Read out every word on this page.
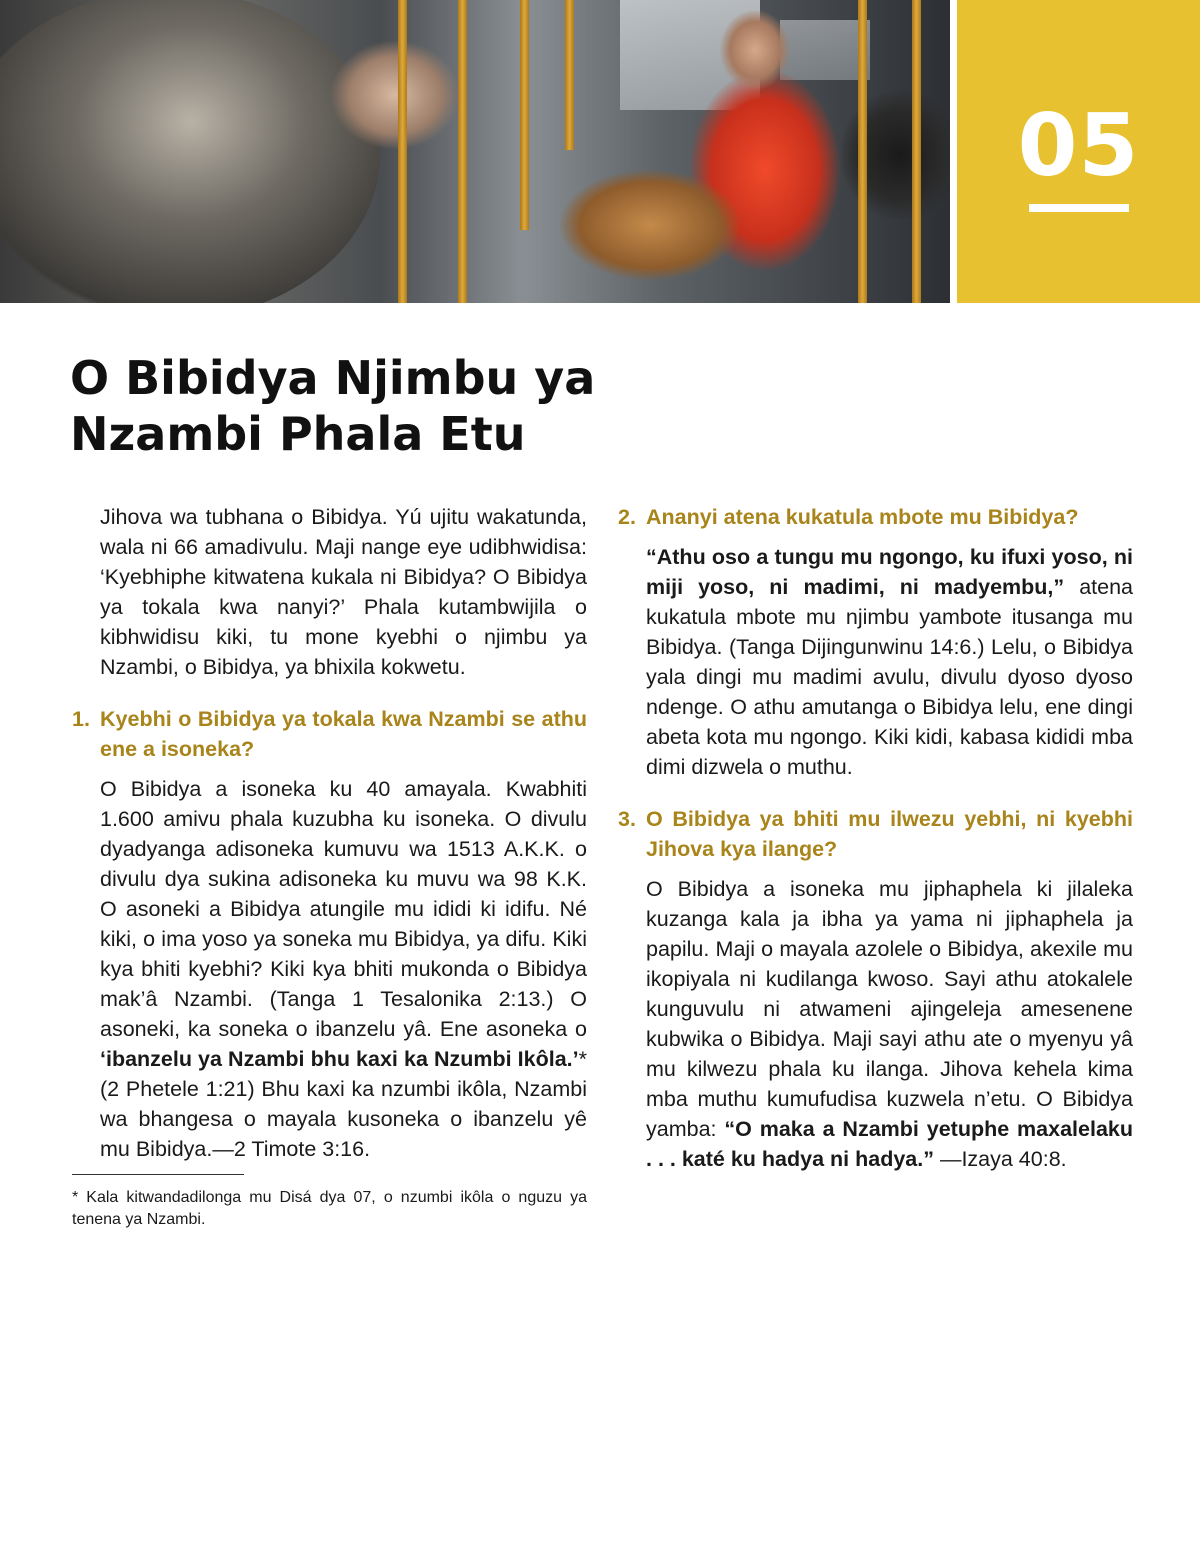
05
O Bibidya Njimbu ya Nzambi Phala Etu

Jihova wa tubhana o Bibidya. Yú ujitu wakatunda, wala ni 66 amadivulu. Maji nange eye udibhwidisa: ‘Kyebhiphe kitwatena kukala ni Bibidya? O Bibidya ya tokala kwa nanyi?’ Phala kutambwijila o kibhwidisu kiki, tu mone kyebhi o njimbu ya Nzambi, o Bibidya, ya bhixila kokwetu.

1. Kyebhi o Bibidya ya tokala kwa Nzambi se athu ene a isoneka?

O Bibidya a isoneka ku 40 amayala. Kwabhiti 1.600 amivu phala kuzubha ku isoneka. O divulu dyadyanga adisoneka kumuvu wa 1513 A.K.K. o divulu dya sukina adisoneka ku muvu wa 98 K.K. O asoneki a Bibidya atungile mu ididi ki idifu. Né kiki, o ima yoso ya soneka mu Bibidya, ya difu. Kiki kya bhiti kyebhi? Kiki kya bhiti mukonda o Bibidya mak’â Nzambi. (Tanga 1 Tesalonika 2:13.) O asoneki, ka soneka o ibanzelu yâ. Ene asoneka o ‘ibanzelu ya Nzambi bhu kaxi ka Nzumbi Ikôla.’* (2 Phetele 1:21) Bhu kaxi ka nzumbi ikôla, Nzambi wa bhangesa o mayala kusoneka o ibanzelu yê mu Bibidya.—2 Timote 3:16.

* Kala kitwandadilonga mu Disá dya 07, o nzumbi ikôla o nguzu ya tenena ya Nzambi.

2. Ananyi atena kukatula mbote mu Bibidya?

“Athu oso a tungu mu ngongo, ku ifuxi yoso, ni miji yoso, ni madimi, ni madyembu,” atena kukatula mbote mu njimbu yambote itusanga mu Bibidya. (Tanga Dijingunwinu 14:6.) Lelu, o Bibidya yala dingi mu madimi avulu, divulu dyoso dyoso ndenge. O athu amutanga o Bibidya lelu, ene dingi abeta kota mu ngongo. Kiki kidi, kabasa kididi mba dimi dizwela o muthu.

3. O Bibidya ya bhiti mu ilwezu yebhi, ni kyebhi Jihova kya ilange?

O Bibidya a isoneka mu jiphaphela ki jilaleka kuzanga kala ja ibha ya yama ni jiphaphela ja papilu. Maji o mayala azolele o Bibidya, akexile mu ikopiyala ni kudilanga kwoso. Sayi athu atokalele kunguvulu ni atwameni ajingeleja amesenene kubwika o Bibidya. Maji sayi athu ate o myenyu yâ mu kilwezu phala ku ilanga. Jihova kehela kima mba muthu kumufudisa kuzwela n’etu. O Bibidya yamba: “O maka a Nzambi yetuphe maxalelaku . . . katé ku hadya ni hadya.” —Izaya 40:8.
